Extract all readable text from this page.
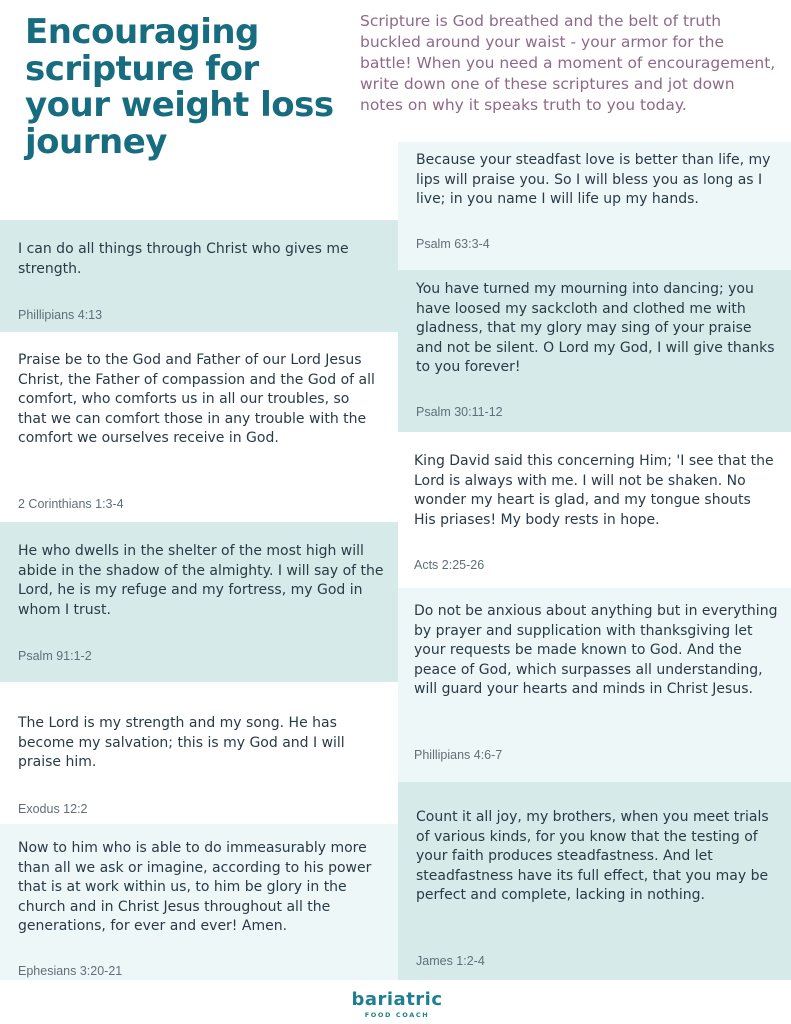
Encouraging scripture for your weight loss journey

Scripture is God breathed and the belt of truth buckled around your waist - your armor for the battle! When you need a moment of encouragement, write down one of these scriptures and jot down notes on why it speaks truth to you today.

I can do all things through Christ who gives me strength.

Phillipians 4:13

Praise be to the God and Father of our Lord Jesus Christ, the Father of compassion and the God of all comfort, who comforts us in all our troubles, so that we can comfort those in any trouble with the comfort we ourselves receive in God.

2 Corinthians 1:3-4

He who dwells in the shelter of the most high will abide in the shadow of the almighty. I will say of the Lord, he is my refuge and my fortress, my God in whom I trust.

Psalm 91:1-2

The Lord is my strength and my song. He has become my salvation; this is my God and I will praise him.

Exodus 12:2

Now to him who is able to do immeasurably more than all we ask or imagine, according to his power that is at work within us, to him be glory in the church and in Christ Jesus throughout all the generations, for ever and ever! Amen.

Ephesians 3:20-21

Because your steadfast love is better than life, my lips will praise you. So I will bless you as long as I live; in you name I will life up my hands.

Psalm 63:3-4

You have turned my mourning into dancing; you have loosed my sackcloth and clothed me with gladness, that my glory may sing of your praise and not be silent. O Lord my God, I will give thanks to you forever!

Psalm 30:11-12

King David said this concerning Him; 'I see that the Lord is always with me. I will not be shaken. No wonder my heart is glad, and my tongue shouts His priases! My body rests in hope.

Acts 2:25-26

Do not be anxious about anything but in everything by prayer and supplication with thanksgiving let your requests be made known to God. And the peace of God, which surpasses all understanding, will guard your hearts and minds in Christ Jesus.

Phillipians 4:6-7

Count it all joy, my brothers, when you meet trials of various kinds, for you know that the testing of your faith produces steadfastness. And let steadfastness have its full effect, that you may be perfect and complete, lacking in nothing.

James 1:2-4

bariatric
FOOD COACH
